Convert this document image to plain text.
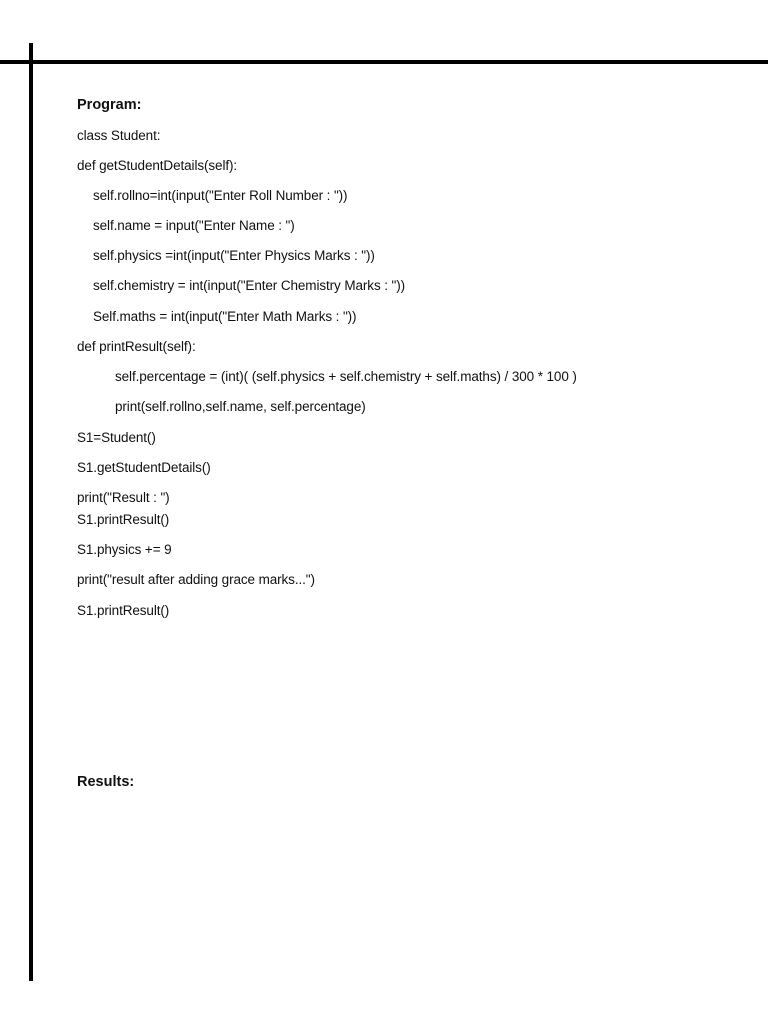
Program:
class Student:
def getStudentDetails(self):
self.rollno=int(input("Enter Roll Number : "))
self.name = input("Enter Name : ")
self.physics =int(input("Enter Physics Marks : "))
self.chemistry = int(input("Enter Chemistry Marks : "))
Self.maths = int(input("Enter Math Marks : "))
def printResult(self):
self.percentage = (int)( (self.physics + self.chemistry + self.maths) / 300 * 100 )
print(self.rollno,self.name, self.percentage)
S1=Student()
S1.getStudentDetails()
print("Result : ")
S1.printResult()
S1.physics += 9
print("result after adding grace marks...")
S1.printResult()
Results:
